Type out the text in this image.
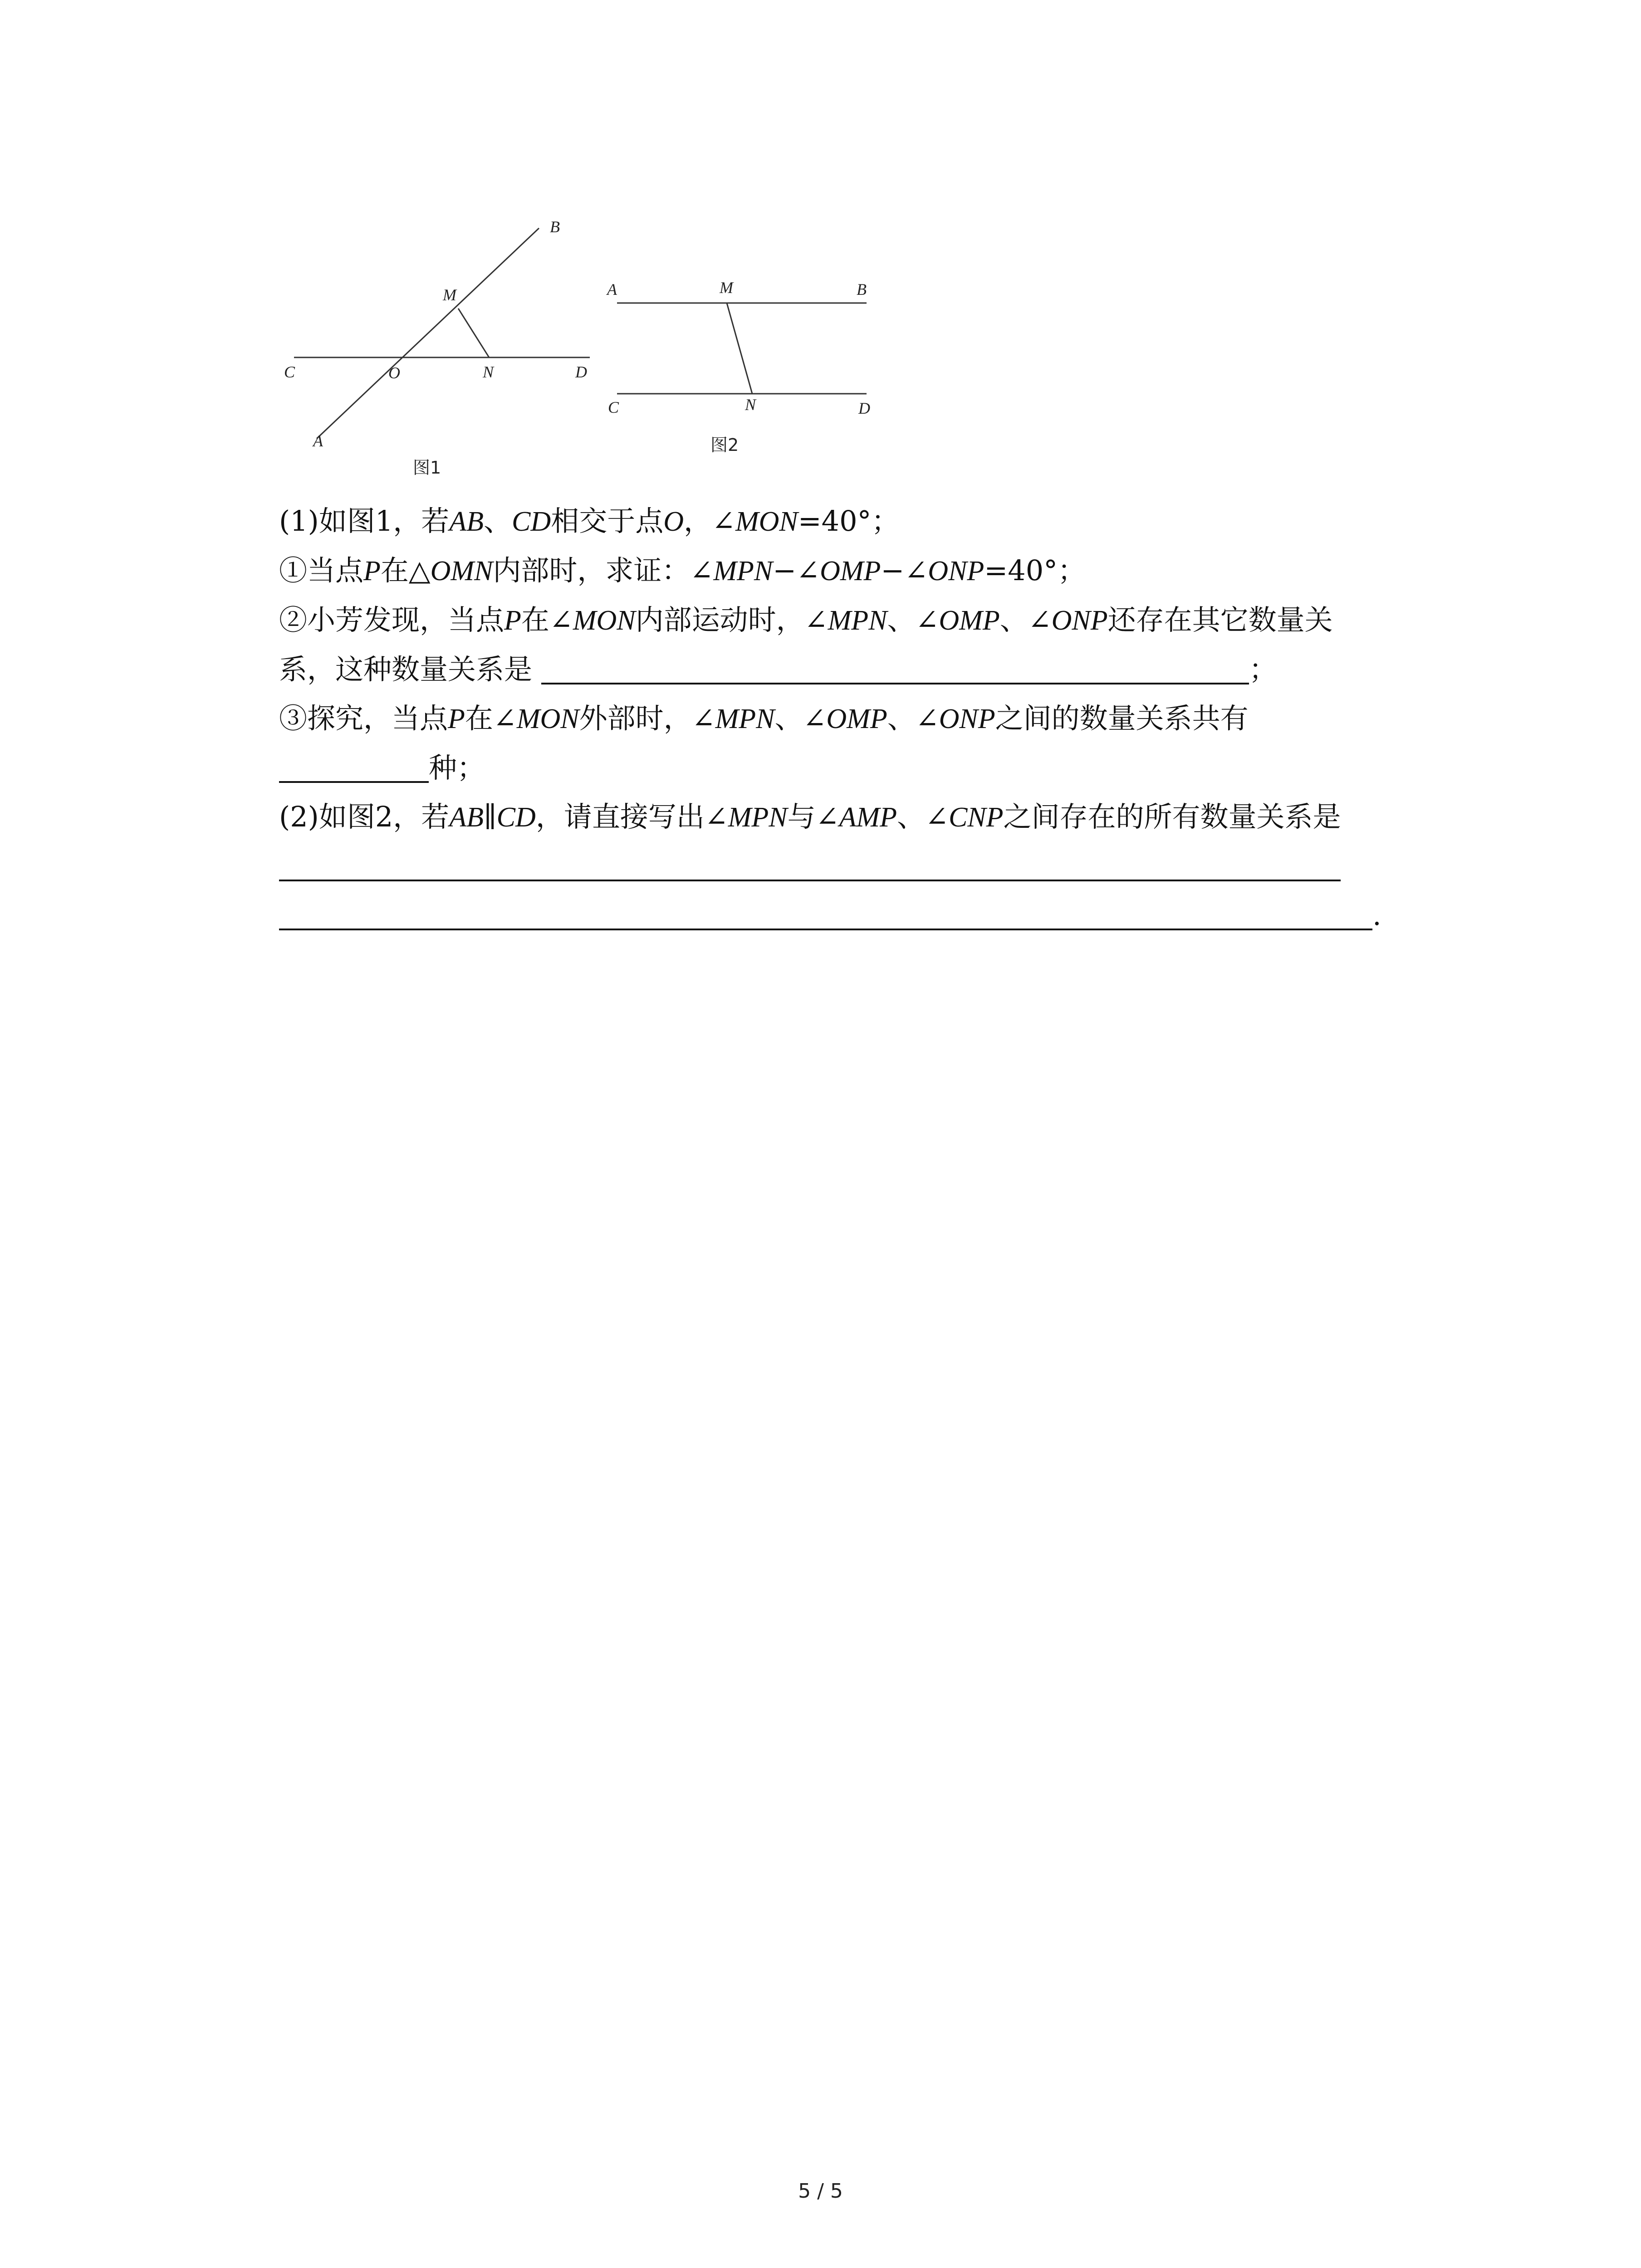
B
M
C	O	N	D
A
图1
A	M	B
C	N	D
图2
(1)如图1，若AB、CD相交于点O，∠MON=40°；
①当点P在△OMN内部时，求证：∠MPN−∠OMP−∠ONP=40°；
②小芳发现，当点P在∠MON内部运动时，∠MPN、∠OMP、∠ONP还存在其它数量关
系，这种数量关系是	；
③探究，当点P在∠MON外部时，∠MPN、∠OMP、∠ONP之间的数量关系共有
种；
(2)如图2，若AB∥CD，请直接写出∠MPN与∠AMP、∠CNP之间存在的所有数量关系是
.
5 / 5
